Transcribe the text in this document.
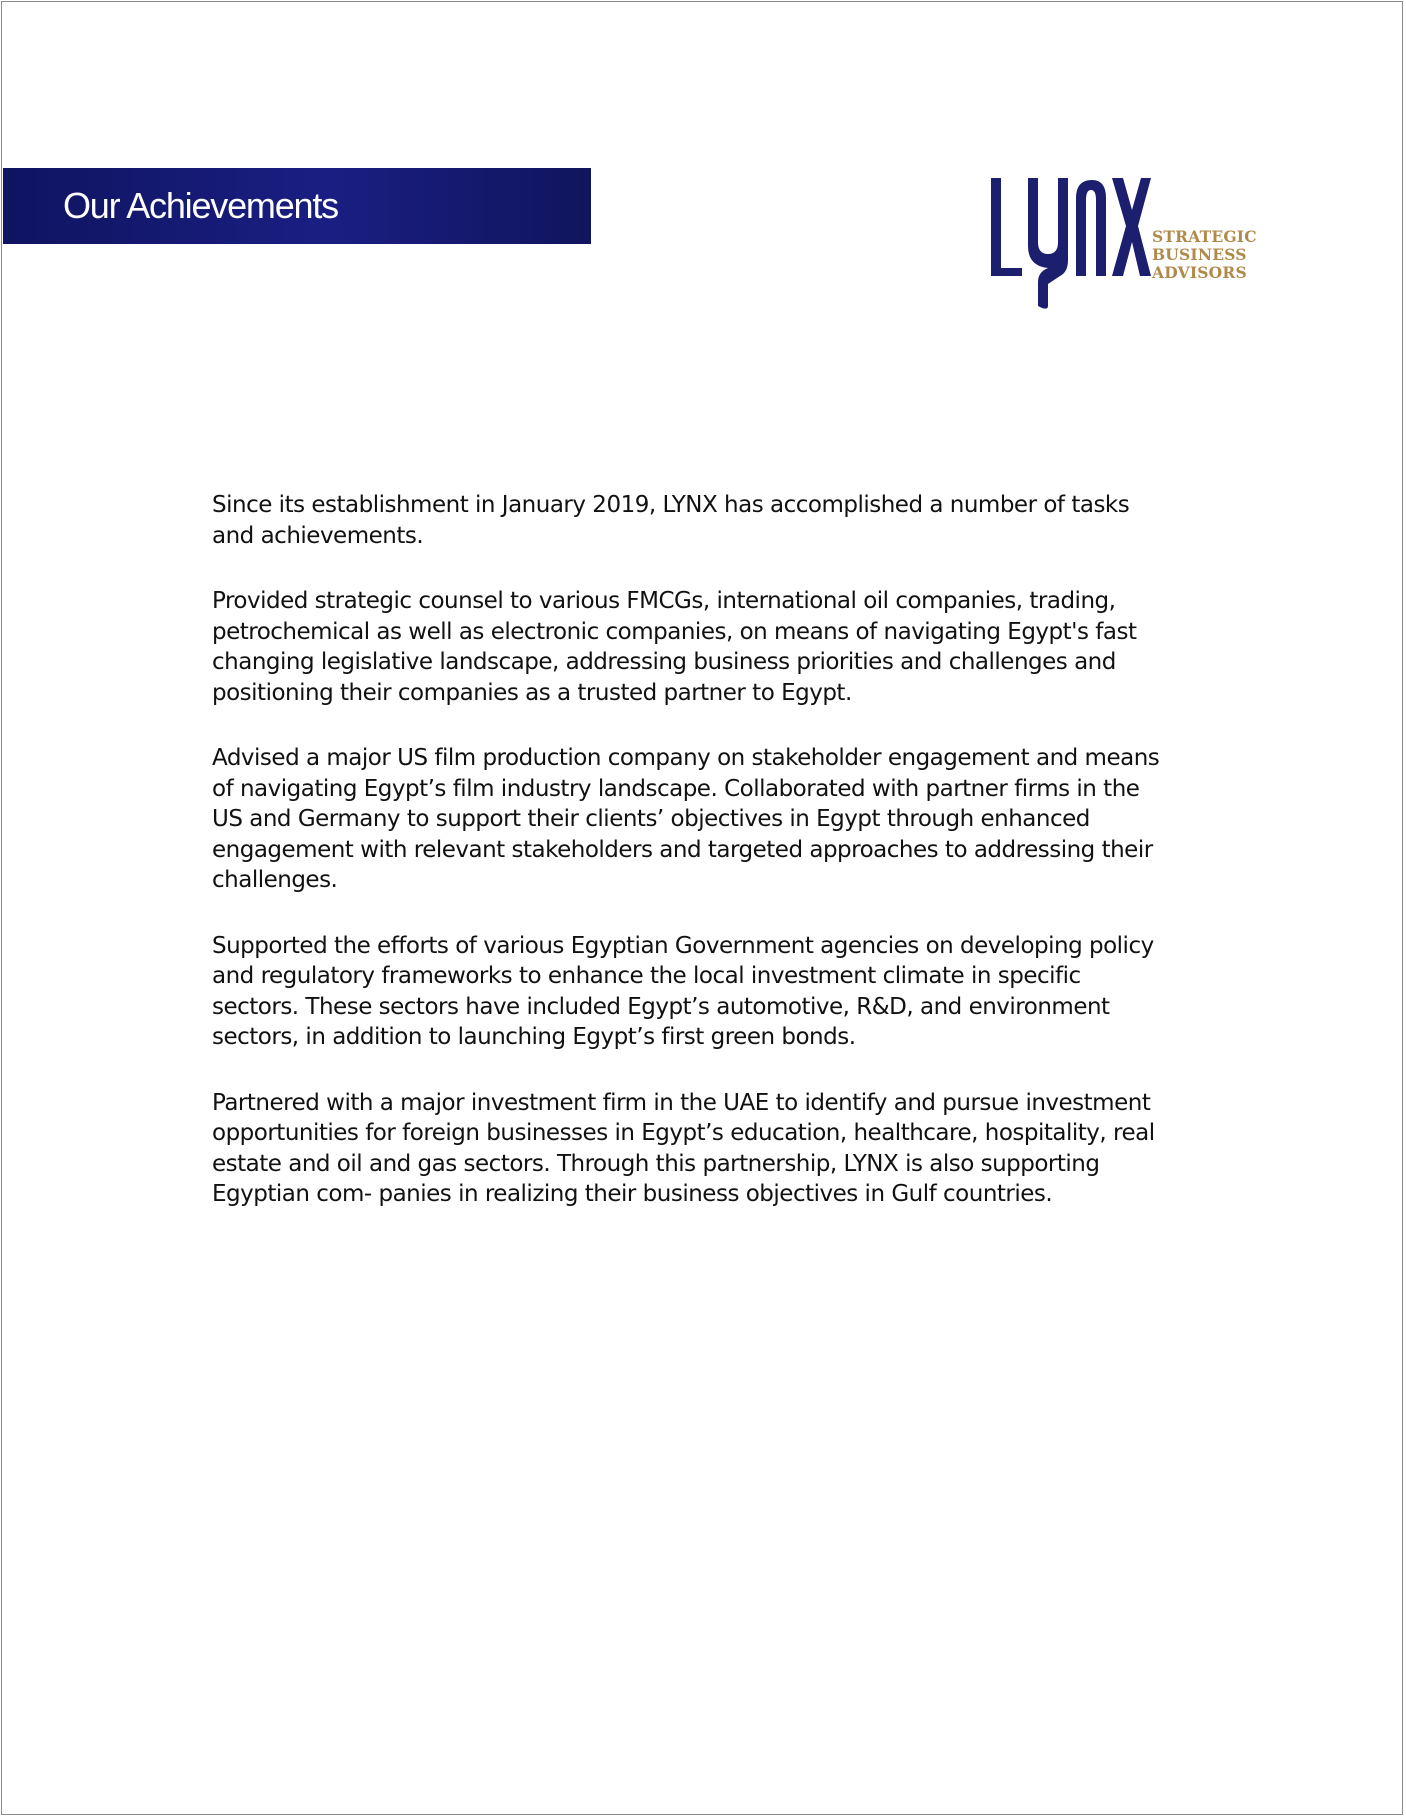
Our Achievements
STRATEGIC
BUSINESS
ADVISORS

Since its establishment in January 2019, LYNX has accomplished a number of tasks
and achievements.

Provided strategic counsel to various FMCGs, international oil companies, trading,
petrochemical as well as electronic companies, on means of navigating Egypt's fast
changing legislative landscape, addressing business priorities and challenges and
positioning their companies as a trusted partner to Egypt.

Advised a major US film production company on stakeholder engagement and means
of navigating Egypt’s film industry landscape. Collaborated with partner firms in the
US and Germany to support their clients’ objectives in Egypt through enhanced
engagement with relevant stakeholders and targeted approaches to addressing their
challenges.

Supported the efforts of various Egyptian Government agencies on developing policy
and regulatory frameworks to enhance the local investment climate in specific
sectors. These sectors have included Egypt’s automotive, R&D, and environment
sectors, in addition to launching Egypt’s first green bonds.

Partnered with a major investment firm in the UAE to identify and pursue investment
opportunities for foreign businesses in Egypt’s education, healthcare, hospitality, real
estate and oil and gas sectors. Through this partnership, LYNX is also supporting
Egyptian com- panies in realizing their business objectives in Gulf countries.
